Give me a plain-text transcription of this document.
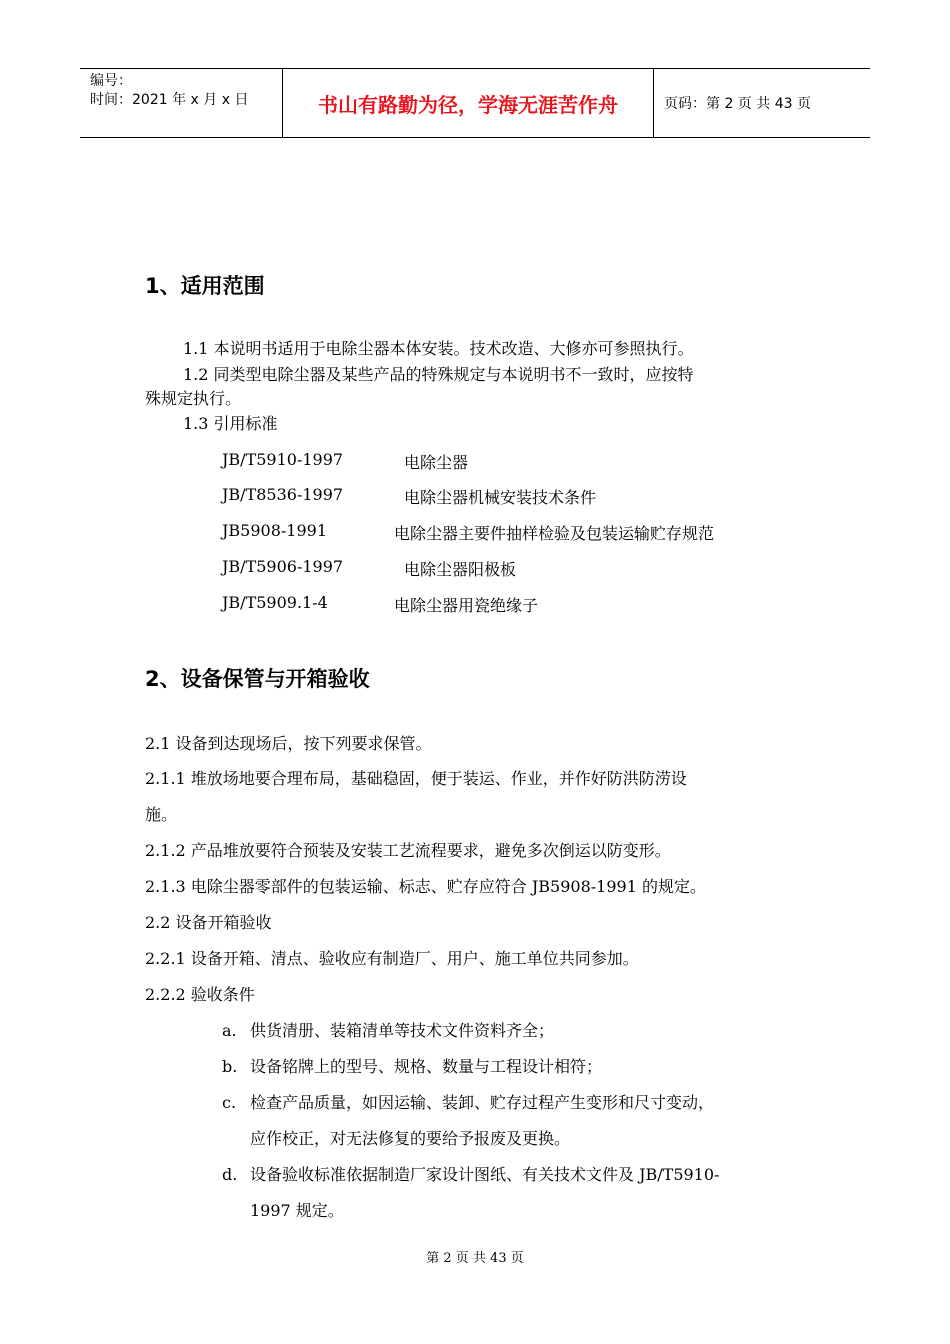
编号：
时间：2021 年 x 月 x 日	书山有路勤为径，学海无涯苦作舟	页码：第 2 页 共 43 页
1、适用范围
1.1 本说明书适用于电除尘器本体安装。技术改造、大修亦可参照执行。
1.2 同类型电除尘器及某些产品的特殊规定与本说明书不一致时，应按特
殊规定执行。
1.3 引用标准
JB/T5910-1997	电除尘器
JB/T8536-1997	电除尘器机械安装技术条件
JB5908-1991	电除尘器主要件抽样检验及包装运输贮存规范
JB/T5906-1997	电除尘器阳极板
JB/T5909.1-4	电除尘器用瓷绝缘子
2、设备保管与开箱验收
2.1 设备到达现场后，按下列要求保管。
2.1.1 堆放场地要合理布局，基础稳固，便于装运、作业，并作好防洪防涝设
施。
2.1.2 产品堆放要符合预装及安装工艺流程要求，避免多次倒运以防变形。
2.1.3 电除尘器零部件的包装运输、标志、贮存应符合 JB5908-1991 的规定。
2.2 设备开箱验收
2.2.1 设备开箱、清点、验收应有制造厂、用户、施工单位共同参加。
2.2.2 验收条件
a. 供货清册、装箱清单等技术文件资料齐全；
b. 设备铭牌上的型号、规格、数量与工程设计相符；
c. 检查产品质量，如因运输、装卸、贮存过程产生变形和尺寸变动，
应作校正，对无法修复的要给予报废及更换。
d. 设备验收标准依据制造厂家设计图纸、有关技术文件及 JB/T5910-
1997 规定。
第 2 页 共 43 页
